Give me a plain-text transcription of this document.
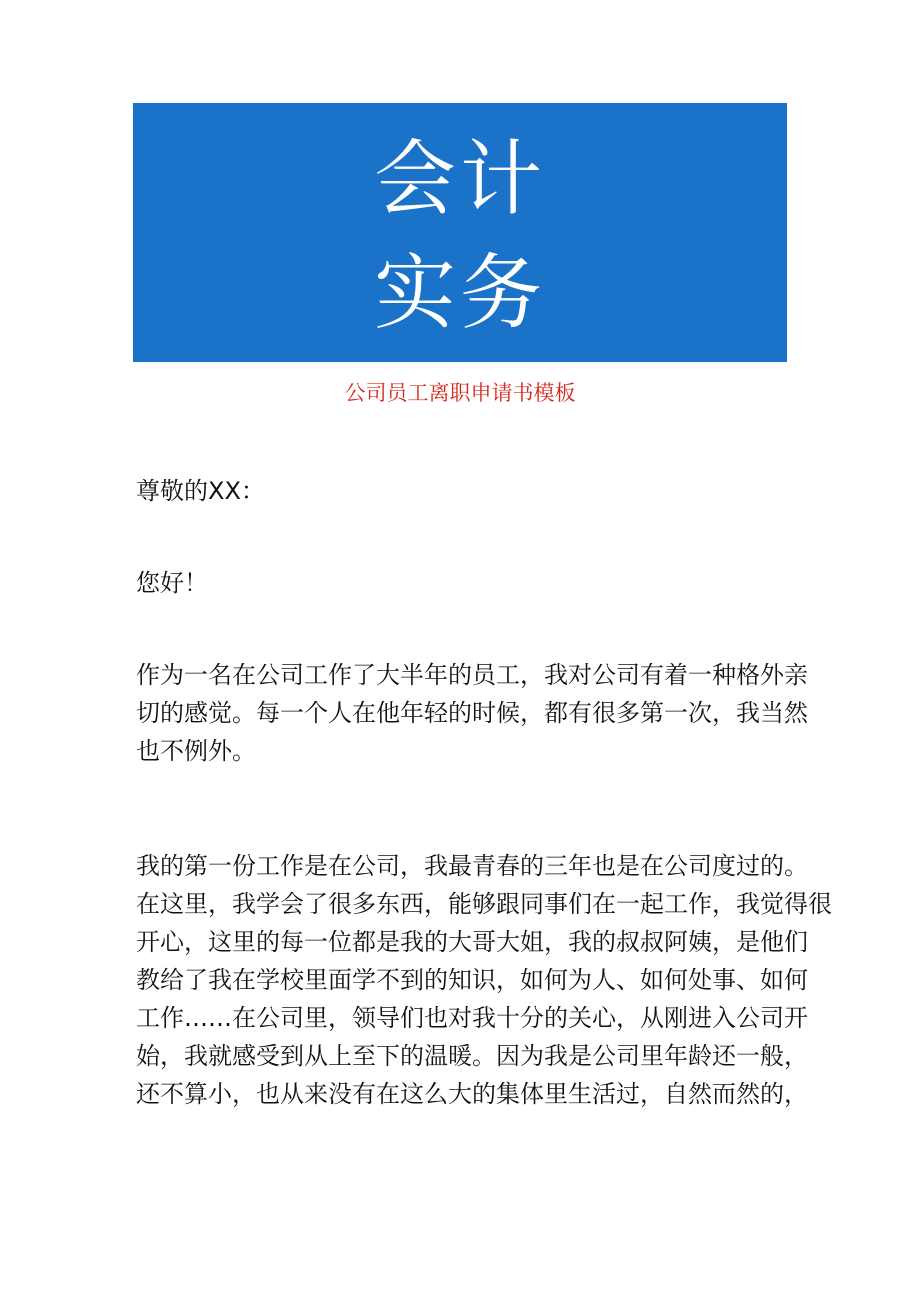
会计
实务
公司员工离职申请书模板

尊敬的XX：

您好！

作为一名在公司工作了大半年的员工，我对公司有着一种格外亲
切的感觉。每一个人在他年轻的时候，都有很多第一次，我当然
也不例外。
我的第一份工作是在公司，我最青春的三年也是在公司度过的。
在这里，我学会了很多东西，能够跟同事们在一起工作，我觉得很
开心，这里的每一位都是我的大哥大姐，我的叔叔阿姨，是他们
教给了我在学校里面学不到的知识，如何为人、如何处事、如何
工作……在公司里，领导们也对我十分的关心，从刚进入公司开
始，我就感受到从上至下的温暖。因为我是公司里年龄还一般，
还不算小，也从来没有在这么大的集体里生活过，自然而然的，
